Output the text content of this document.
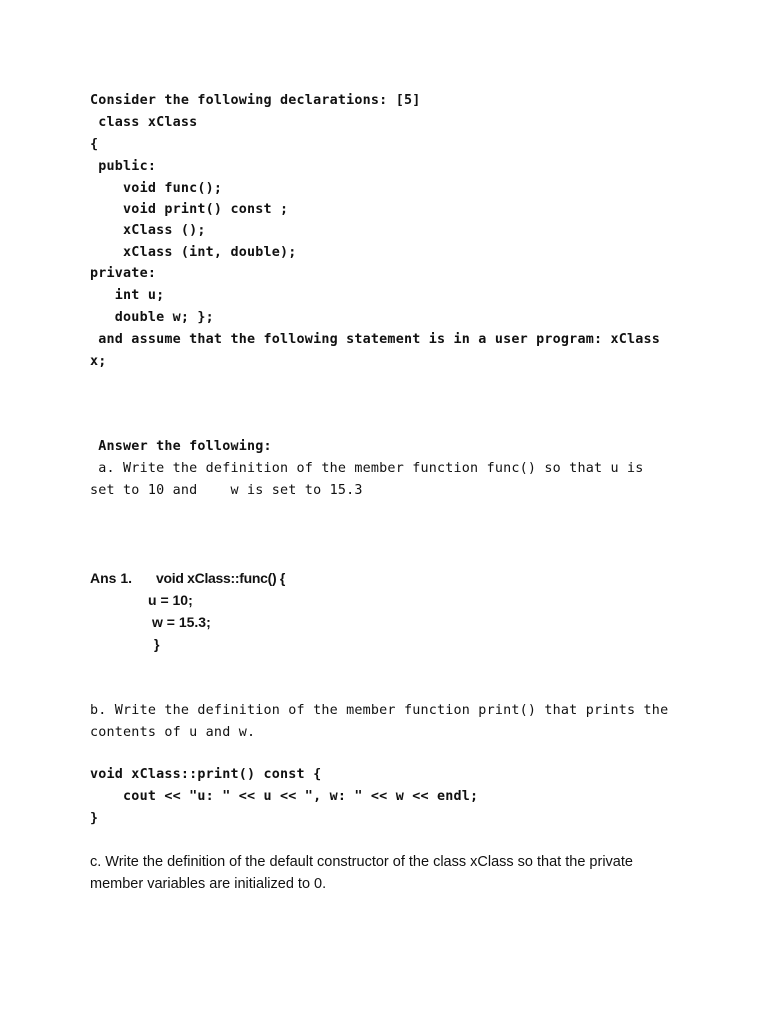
Consider the following declarations: [5]
class xClass
{
public:
void func();
void print() const ;
xClass ();
xClass (int, double);
private:
int u;
double w; };
and assume that the following statement is in a user program: xClass
x;
Answer the following:
a. Write the definition of the member function func() so that u is
set to 10 and    w is set to 15.3
Ans 1. void xClass::func() {
u = 10;
w = 15.3;
}
b. Write the definition of the member function print() that prints the
contents of u and w.
void xClass::print() const {
cout << "u: " << u << ", w: " << w << endl;
}
c. Write the definition of the default constructor of the class xClass so that the private
member variables are initialized to 0.
